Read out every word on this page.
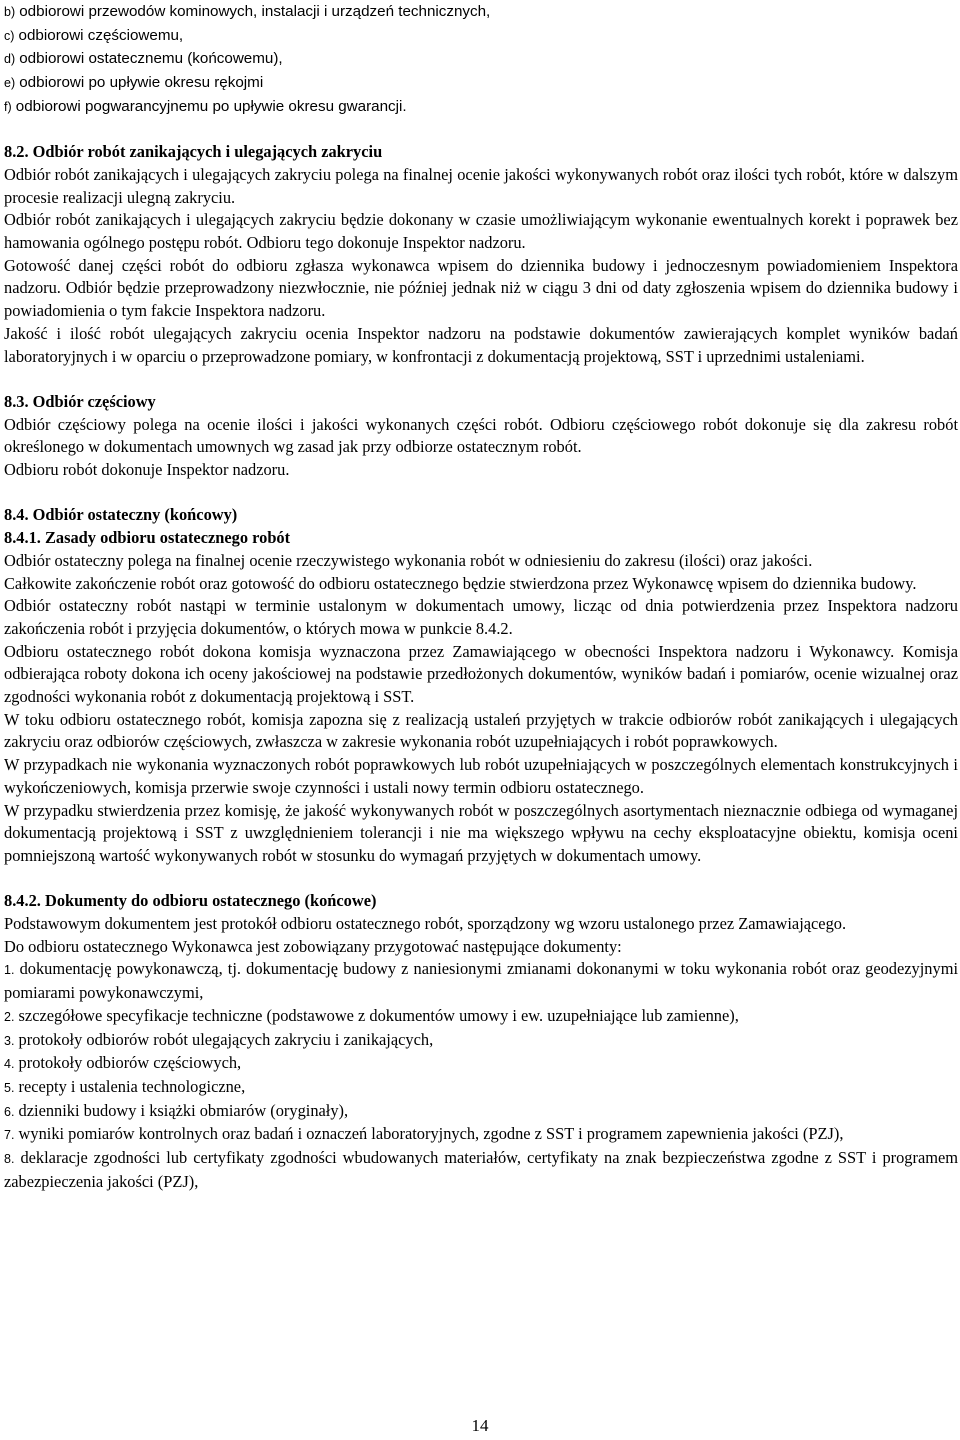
b) odbiorowi przewodów kominowych, instalacji i urządzeń technicznych,

c) odbiorowi częściowemu,

d) odbiorowi ostatecznemu (końcowemu),

e) odbiorowi po upływie okresu rękojmi

f) odbiorowi pogwarancyjnemu po upływie okresu gwarancji.

8.2. Odbiór robót zanikających i ulegających zakryciu

Odbiór robót zanikających i ulegających zakryciu polega na finalnej ocenie jakości wykonywanych robót oraz ilości tych robót, które w dalszym procesie realizacji ulegną zakryciu.

Odbiór robót zanikających i ulegających zakryciu będzie dokonany w czasie umożliwiającym wykonanie ewentualnych korekt i poprawek bez hamowania ogólnego postępu robót. Odbioru tego dokonuje Inspektor nadzoru.

Gotowość danej części robót do odbioru zgłasza wykonawca wpisem do dziennika budowy i jednoczesnym powiadomieniem Inspektora nadzoru. Odbiór będzie przeprowadzony niezwłocznie, nie później jednak niż w ciągu 3 dni od daty zgłoszenia wpisem do dziennika budowy i powiadomienia o tym fakcie Inspektora nadzoru.

Jakość i ilość robót ulegających zakryciu ocenia Inspektor nadzoru na podstawie dokumentów zawierających komplet wyników badań laboratoryjnych i w oparciu o przeprowadzone pomiary, w konfrontacji z dokumentacją projektową, SST i uprzednimi ustaleniami.

8.3. Odbiór częściowy

Odbiór częściowy polega na ocenie ilości i jakości wykonanych części robót. Odbioru częściowego robót dokonuje się dla zakresu robót określonego w dokumentach umownych wg zasad jak przy odbiorze ostatecznym robót.

Odbioru robót dokonuje Inspektor nadzoru.

8.4. Odbiór ostateczny (końcowy)

8.4.1. Zasady odbioru ostatecznego robót

Odbiór ostateczny polega na finalnej ocenie rzeczywistego wykonania robót w odniesieniu do zakresu (ilości) oraz jakości.

Całkowite zakończenie robót oraz gotowość do odbioru ostatecznego będzie stwierdzona przez Wykonawcę wpisem do dziennika budowy.

Odbiór ostateczny robót nastąpi w terminie ustalonym w dokumentach umowy, licząc od dnia potwierdzenia przez Inspektora nadzoru zakończenia robót i przyjęcia dokumentów, o których mowa w punkcie 8.4.2.

Odbioru ostatecznego robót dokona komisja wyznaczona przez Zamawiającego w obecności Inspektora nadzoru i Wykonawcy. Komisja odbierająca roboty dokona ich oceny jakościowej na podstawie przedłożonych dokumentów, wyników badań i pomiarów, ocenie wizualnej oraz zgodności wykonania robót z dokumentacją projektową i SST.

W toku odbioru ostatecznego robót, komisja zapozna się z realizacją ustaleń przyjętych w trakcie odbiorów robót zanikających i ulegających zakryciu oraz odbiorów częściowych, zwłaszcza w zakresie wykonania robót uzupełniających i robót poprawkowych.

W przypadkach nie wykonania wyznaczonych robót poprawkowych lub robót uzupełniających w poszczególnych elementach konstrukcyjnych i wykończeniowych, komisja przerwie swoje czynności i ustali nowy termin odbioru ostatecznego.

W przypadku stwierdzenia przez komisję, że jakość wykonywanych robót w poszczególnych asortymentach nieznacznie odbiega od wymaganej dokumentacją projektową i SST z uwzględnieniem tolerancji i nie ma większego wpływu na cechy eksploatacyjne obiektu, komisja oceni pomniejszoną wartość wykonywanych robót w stosunku do wymagań przyjętych w dokumentach umowy.

8.4.2. Dokumenty do odbioru ostatecznego (końcowe)

Podstawowym dokumentem jest protokół odbioru ostatecznego robót, sporządzony wg wzoru ustalonego przez Zamawiającego.

Do odbioru ostatecznego Wykonawca jest zobowiązany przygotować następujące dokumenty:

1. dokumentację powykonawczą, tj. dokumentację budowy z naniesionymi zmianami dokonanymi w toku wykonania robót oraz geodezyjnymi pomiarami powykonawczymi,

2. szczegółowe specyfikacje techniczne (podstawowe z dokumentów umowy i ew. uzupełniające lub zamienne),

3. protokoły odbiorów robót ulegających zakryciu i zanikających,

4. protokoły odbiorów częściowych,

5. recepty i ustalenia technologiczne,

6. dzienniki budowy i książki obmiarów (oryginały),

7. wyniki pomiarów kontrolnych oraz badań i oznaczeń laboratoryjnych, zgodne z SST i programem zapewnienia jakości (PZJ),

8. deklaracje zgodności lub certyfikaty zgodności wbudowanych materiałów, certyfikaty na znak bezpieczeństwa zgodne z SST i programem zabezpieczenia jakości (PZJ),

14
